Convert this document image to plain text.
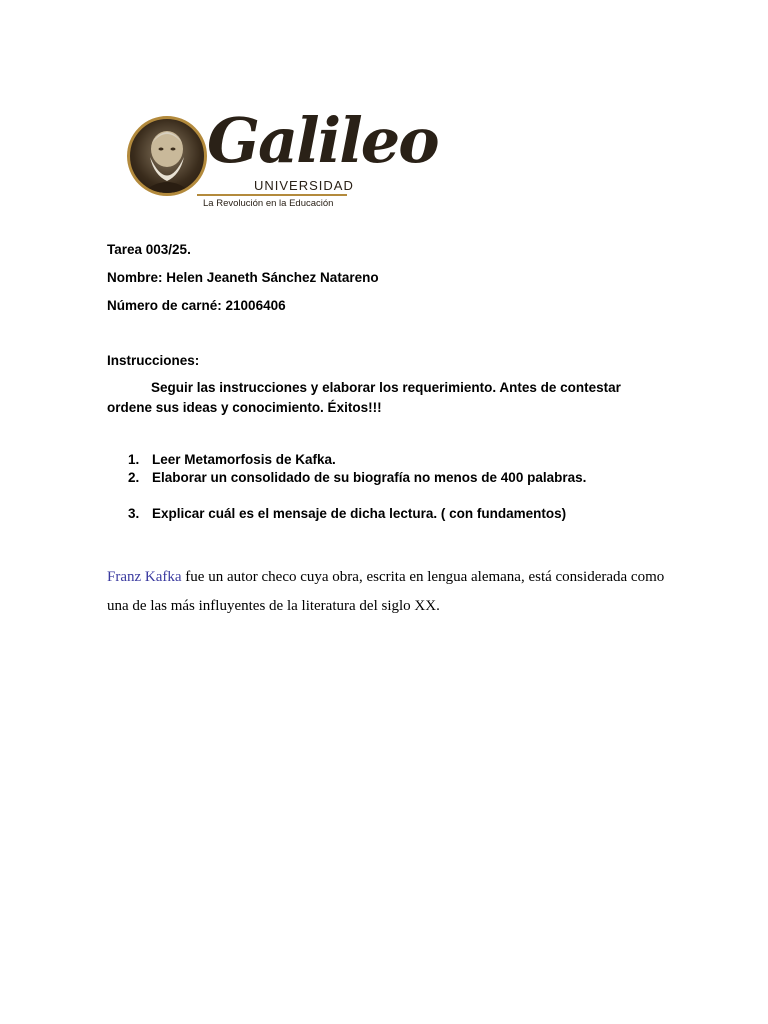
Galileo
UNIVERSIDAD
La Revolución en la Educación
Tarea 003/25.
Nombre: Helen Jeaneth Sánchez Natareno
Número de carné: 21006406
Instrucciones:
Seguir las instrucciones y elaborar los requerimiento. Antes de contestar ordene sus ideas y conocimiento. Éxitos!!!
1. Leer Metamorfosis de Kafka.
2. Elaborar un consolidado de su biografía no menos de 400 palabras.
3. Explicar cuál es el mensaje de dicha lectura. ( con fundamentos)
Franz Kafka fue un autor checo cuya obra, escrita en lengua alemana, está considerada como una de las más influyentes de la literatura del siglo XX.
